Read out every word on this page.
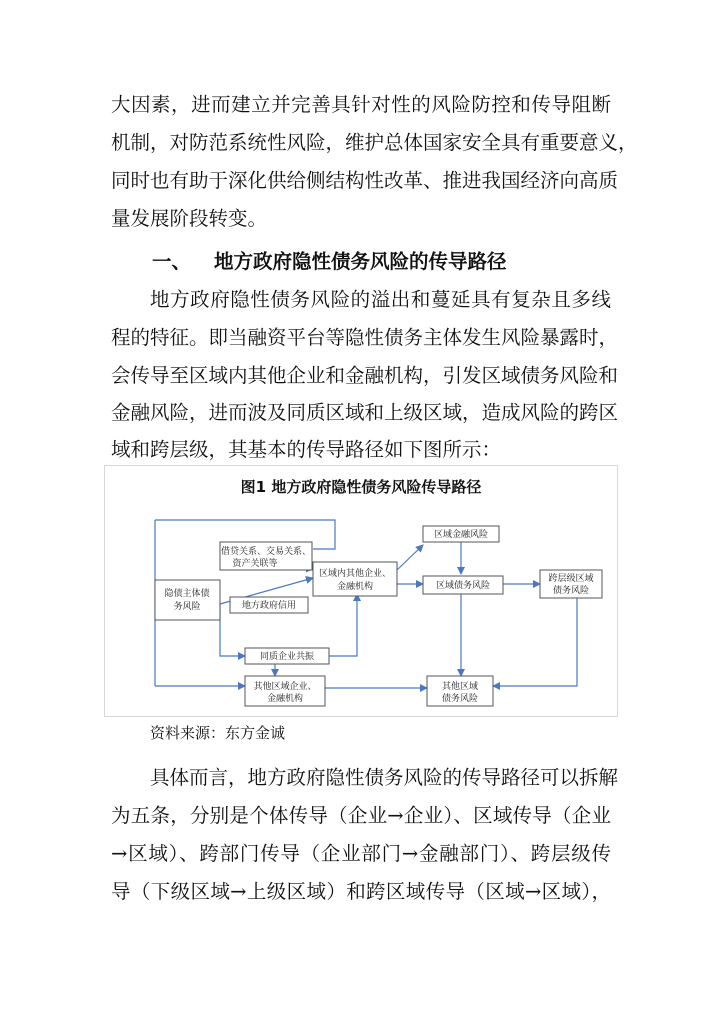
大因素，进而建立并完善具针对性的风险防控和传导阻断
机制，对防范系统性风险，维护总体国家安全具有重要意义，
同时也有助于深化供给侧结构性改革、推进我国经济向高质
量发展阶段转变。
一、 地方政府隐性债务风险的传导路径
地方政府隐性债务风险的溢出和蔓延具有复杂且多线
程的特征。即当融资平台等隐性债务主体发生风险暴露时，
会传导至区域内其他企业和金融机构，引发区域债务风险和
金融风险，进而波及同质区域和上级区域，造成风险的跨区
域和跨层级，其基本的传导路径如下图所示：
图1 地方政府隐性债务风险传导路径
隐债主体债
务风险
借贷关系、交易关系、
资产关联等
地方政府信用
区域内其他企业、
金融机构
区域金融风险
区域债务风险
跨层级区域
债务风险
同质企业共振
其他区域企业、
金融机构
其他区域
债务风险
资料来源：东方金诚
具体而言，地方政府隐性债务风险的传导路径可以拆解
为五条，分别是个体传导（企业→企业）、区域传导（企业
→区域）、跨部门传导（企业部门→金融部门）、跨层级传
导（下级区域→上级区域）和跨区域传导（区域→区域），
